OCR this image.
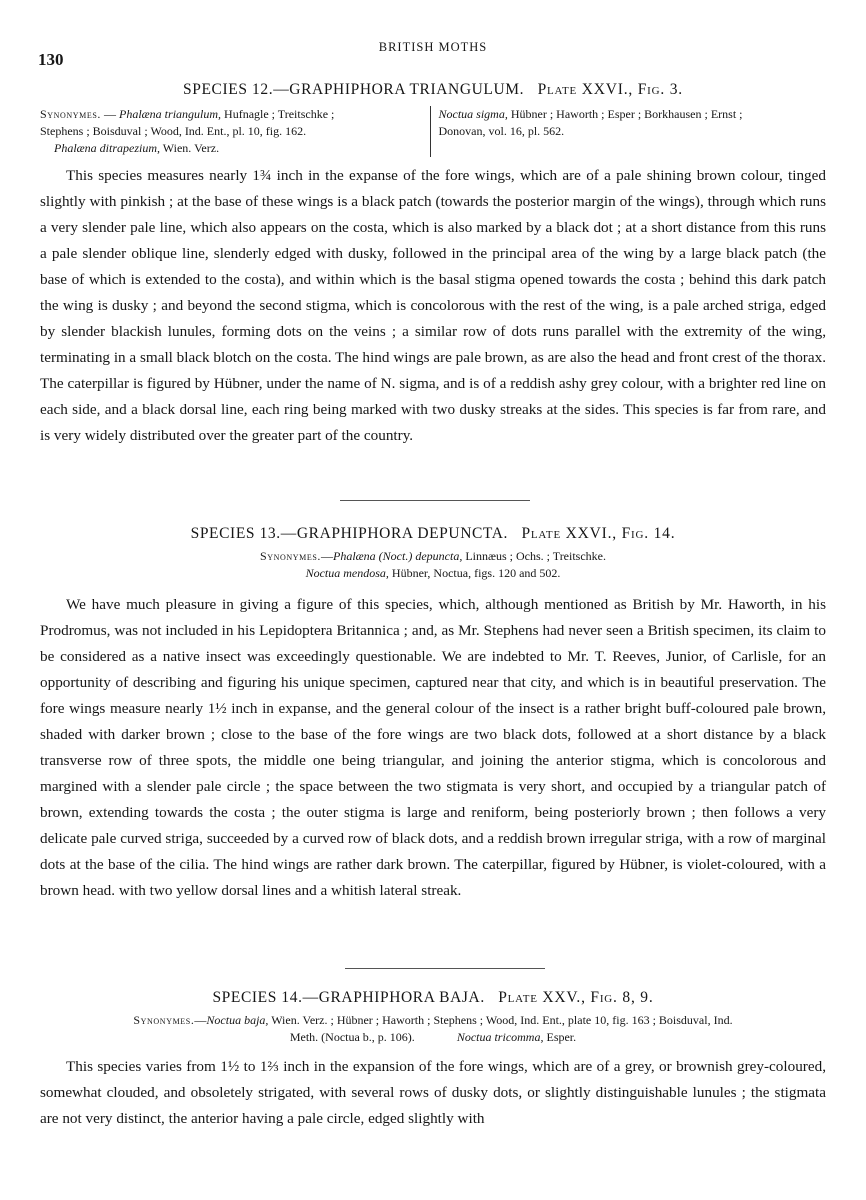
130
BRITISH MOTHS
SPECIES 12.—GRAPHIPHORA TRIANGULUM. Plate XXVI., Fig. 3.
Synonymes. — Phalæna triangulum, Hufnagle ; Treitschke ;
Stephens ; Boisduval ; Wood, Ind. Ent., pl. 10, fig. 162.
Phalæna ditrapezium, Wien. Verz.
Noctua sigma, Hübner ; Haworth ; Esper ; Borkhausen ; Ernst ;
Donovan, vol. 16, pl. 562.

This species measures nearly 1¾ inch in the expanse of the fore wings, which are of a pale shining brown colour, tinged slightly with pinkish ; at the base of these wings is a black patch (towards the posterior margin of the wings), through which runs a very slender pale line, which also appears on the costa, which is also marked by a black dot ; at a short distance from this runs a pale slender oblique line, slenderly edged with dusky, followed in the principal area of the wing by a large black patch (the base of which is extended to the costa), and within which is the basal stigma opened towards the costa ; behind this dark patch the wing is dusky ; and beyond the second stigma, which is concolorous with the rest of the wing, is a pale arched striga, edged by slender blackish lunules, forming dots on the veins ; a similar row of dots runs parallel with the extremity of the wing, terminating in a small black blotch on the costa. The hind wings are pale brown, as are also the head and front crest of the thorax. The caterpillar is figured by Hübner, under the name of N. sigma, and is of a reddish ashy grey colour, with a brighter red line on each side, and a black dorsal line, each ring being marked with two dusky streaks at the sides. This species is far from rare, and is very widely distributed over the greater part of the country.

SPECIES 13.—GRAPHIPHORA DEPUNCTA. Plate XXVI., Fig. 14.
Synonymes.—Phalæna (Noct.) depuncta, Linnæus ; Ochs. ; Treitschke.
Noctua mendosa, Hübner, Noctua, figs. 120 and 502.

We have much pleasure in giving a figure of this species, which, although mentioned as British by Mr. Haworth, in his Prodromus, was not included in his Lepidoptera Britannica ; and, as Mr. Stephens had never seen a British specimen, its claim to be considered as a native insect was exceedingly questionable. We are indebted to Mr. T. Reeves, Junior, of Carlisle, for an opportunity of describing and figuring his unique specimen, captured near that city, and which is in beautiful preservation. The fore wings measure nearly 1½ inch in expanse, and the general colour of the insect is a rather bright buff-coloured pale brown, shaded with darker brown ; close to the base of the fore wings are two black dots, followed at a short distance by a black transverse row of three spots, the middle one being triangular, and joining the anterior stigma, which is concolorous and margined with a slender pale circle ; the space between the two stigmata is very short, and occupied by a triangular patch of brown, extending towards the costa ; the outer stigma is large and reniform, being posteriorly brown ; then follows a very delicate pale curved striga, succeeded by a curved row of black dots, and a reddish brown irregular striga, with a row of marginal dots at the base of the cilia. The hind wings are rather dark brown. The caterpillar, figured by Hübner, is violet-coloured, with a brown head. with two yellow dorsal lines and a whitish lateral streak.

SPECIES 14.—GRAPHIPHORA BAJA. Plate XXV., Fig. 8, 9.
Synonymes.—Noctua baja, Wien. Verz. ; Hübner ; Haworth ; Stephens ; Wood, Ind. Ent., plate 10, fig. 163 ; Boisduval, Ind.
Meth. (Noctua b., p. 106).	Noctua tricomma, Esper.

This species varies from 1½ to 1⅔ inch in the expansion of the fore wings, which are of a grey, or brownish grey-coloured, somewhat clouded, and obsoletely strigated, with several rows of dusky dots, or slightly distinguishable lunules ; the stigmata are not very distinct, the anterior having a pale circle, edged slightly with
